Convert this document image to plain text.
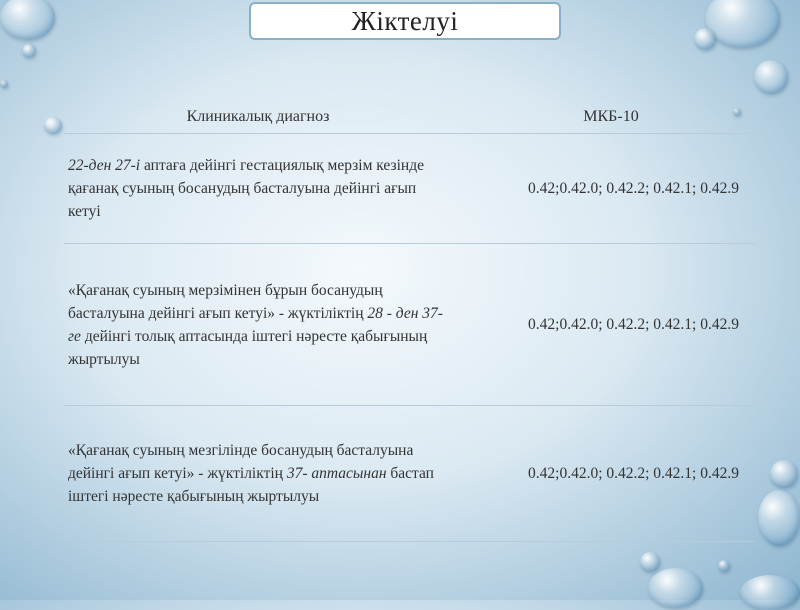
Жіктелуі
Клиникалық диагноз	МКБ-10
22-ден 27-і аптаға дейінгі гестациялық мерзім кезінде қағанақ суының босанудың басталуына дейінгі ағып кетуі
0.42;0.42.0; 0.42.2; 0.42.1; 0.42.9
«Қағанақ суының мерзімінен бұрын босанудың басталуына дейінгі ағып кетуі» - жүктіліктің 28 - ден 37-ге дейінгі толық аптасында іштегі нәресте қабығының жыртылуы
0.42;0.42.0; 0.42.2; 0.42.1; 0.42.9
«Қағанақ суының мезгілінде босанудың басталуына дейінгі ағып кетуі» - жүктіліктің 37- аптасынан бастап іштегі нәресте қабығының жыртылуы
0.42;0.42.0; 0.42.2; 0.42.1; 0.42.9
